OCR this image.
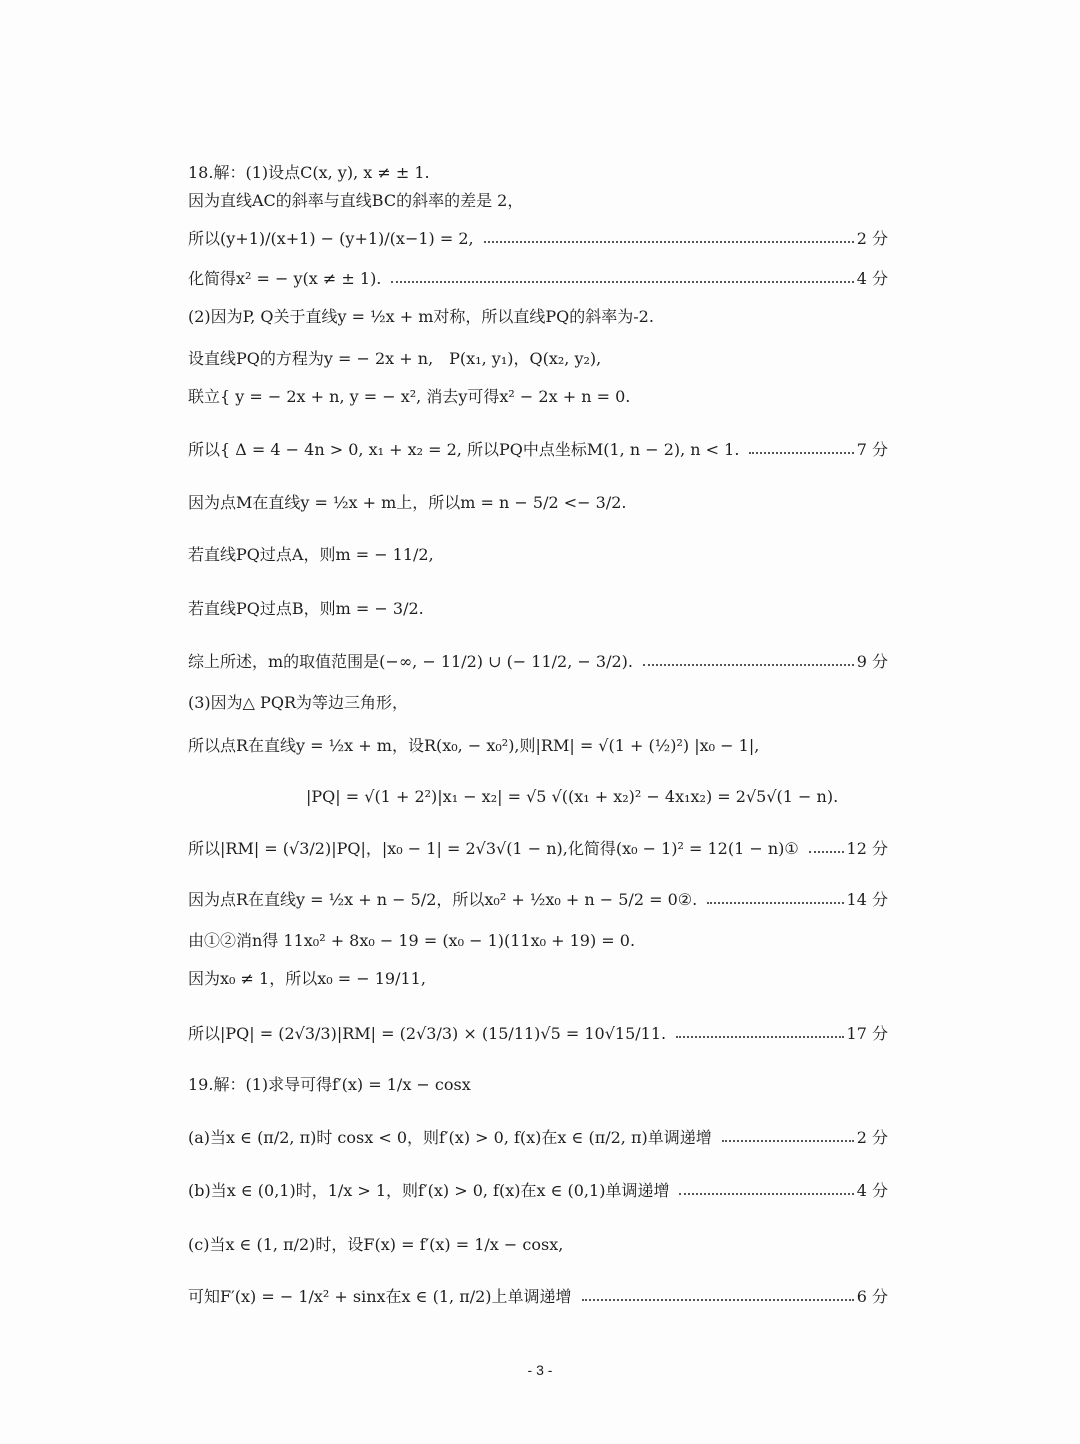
18.解：(1)设点C(x, y), x ≠ ± 1.
因为直线AC的斜率与直线BC的斜率的差是 2，
所以(y+1)/(x+1) − (y+1)/(x−1) = 2,	2 分
化简得x² = − y(x ≠ ± 1).	4 分
(2)因为P, Q关于直线y = ½x + m对称，所以直线PQ的斜率为-2.
设直线PQ的方程为y = − 2x + n,　P(x₁, y₁)，Q(x₂, y₂),
联立{ y = − 2x + n, y = − x², 消去y可得x² − 2x + n = 0.
所以{ Δ = 4 − 4n > 0, x₁ + x₂ = 2, 所以PQ中点坐标M(1, n − 2), n < 1.	7 分
因为点M在直线y = ½x + m上，所以m = n − 5/2 <− 3/2.
若直线PQ过点A，则m = − 11/2,
若直线PQ过点B，则m = − 3/2.
综上所述，m的取值范围是(−∞, − 11/2) ∪ (− 11/2, − 3/2).	9 分
(3)因为△ PQR为等边三角形，
所以点R在直线y = ½x + m，设R(x₀, − x₀²),则|RM| = √(1 + (½)²) |x₀ − 1|,
|PQ| = √(1 + 2²)|x₁ − x₂| = √5 √((x₁ + x₂)² − 4x₁x₂) = 2√5√(1 − n).
所以|RM| = (√3/2)|PQ|，|x₀ − 1| = 2√3√(1 − n),化简得(x₀ − 1)² = 12(1 − n)①	12 分
因为点R在直线y = ½x + n − 5/2，所以x₀² + ½x₀ + n − 5/2 = 0②.	14 分
由①②消n得 11x₀² + 8x₀ − 19 = (x₀ − 1)(11x₀ + 19) = 0.
因为x₀ ≠ 1，所以x₀ = − 19/11,
所以|PQ| = (2√3/3)|RM| = (2√3/3) × (15/11)√5 = 10√15/11.	17 分
19.解：(1)求导可得f′(x) = 1/x − cosx
(a)当x ∈ (π/2, π)时 cosx < 0，则f′(x) > 0, f(x)在x ∈ (π/2, π)单调递增	2 分
(b)当x ∈ (0,1)时，1/x > 1，则f′(x) > 0, f(x)在x ∈ (0,1)单调递增	4 分
(c)当x ∈ (1, π/2)时，设F(x) = f′(x) = 1/x − cosx,
可知F′(x) = − 1/x² + sinx在x ∈ (1, π/2)上单调递增	6 分
- 3 -
